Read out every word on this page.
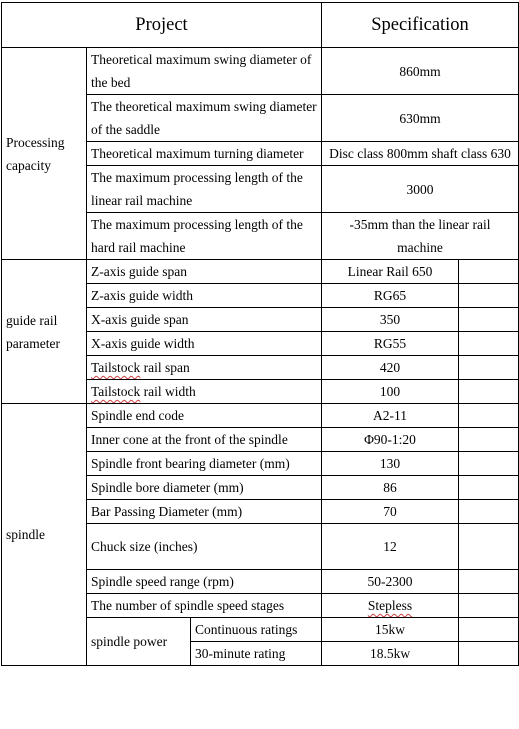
Project			Specification	
Processing capacity	Theoretical maximum swing diameter of the bed		860mm	
	The theoretical maximum swing diameter of the saddle		630mm	
	Theoretical maximum turning diameter		Disc class 800mm shaft class 630	
	The maximum processing length of the linear rail machine		3000	
	The maximum processing length of the hard rail machine		-35mm than the linear rail machine	
guide rail parameter	Z-axis guide span		Linear Rail 650	
	Z-axis guide width		RG65	
	X-axis guide span		350	
	X-axis guide width		RG55	
	Tailstock rail span		420	
	Tailstock rail width		100	
spindle	Spindle end code		A2-11	
	Inner cone at the front of the spindle		Φ90-1:20	
	Spindle front bearing diameter (mm)		130	
	Spindle bore diameter (mm)		86	
	Bar Passing Diameter (mm)		70	
	Chuck size (inches)		12	
	Spindle speed range (rpm)		50-2300	
	The number of spindle speed stages		Stepless	
	spindle power	Continuous ratings	15kw	
		30-minute rating	18.5kw	
